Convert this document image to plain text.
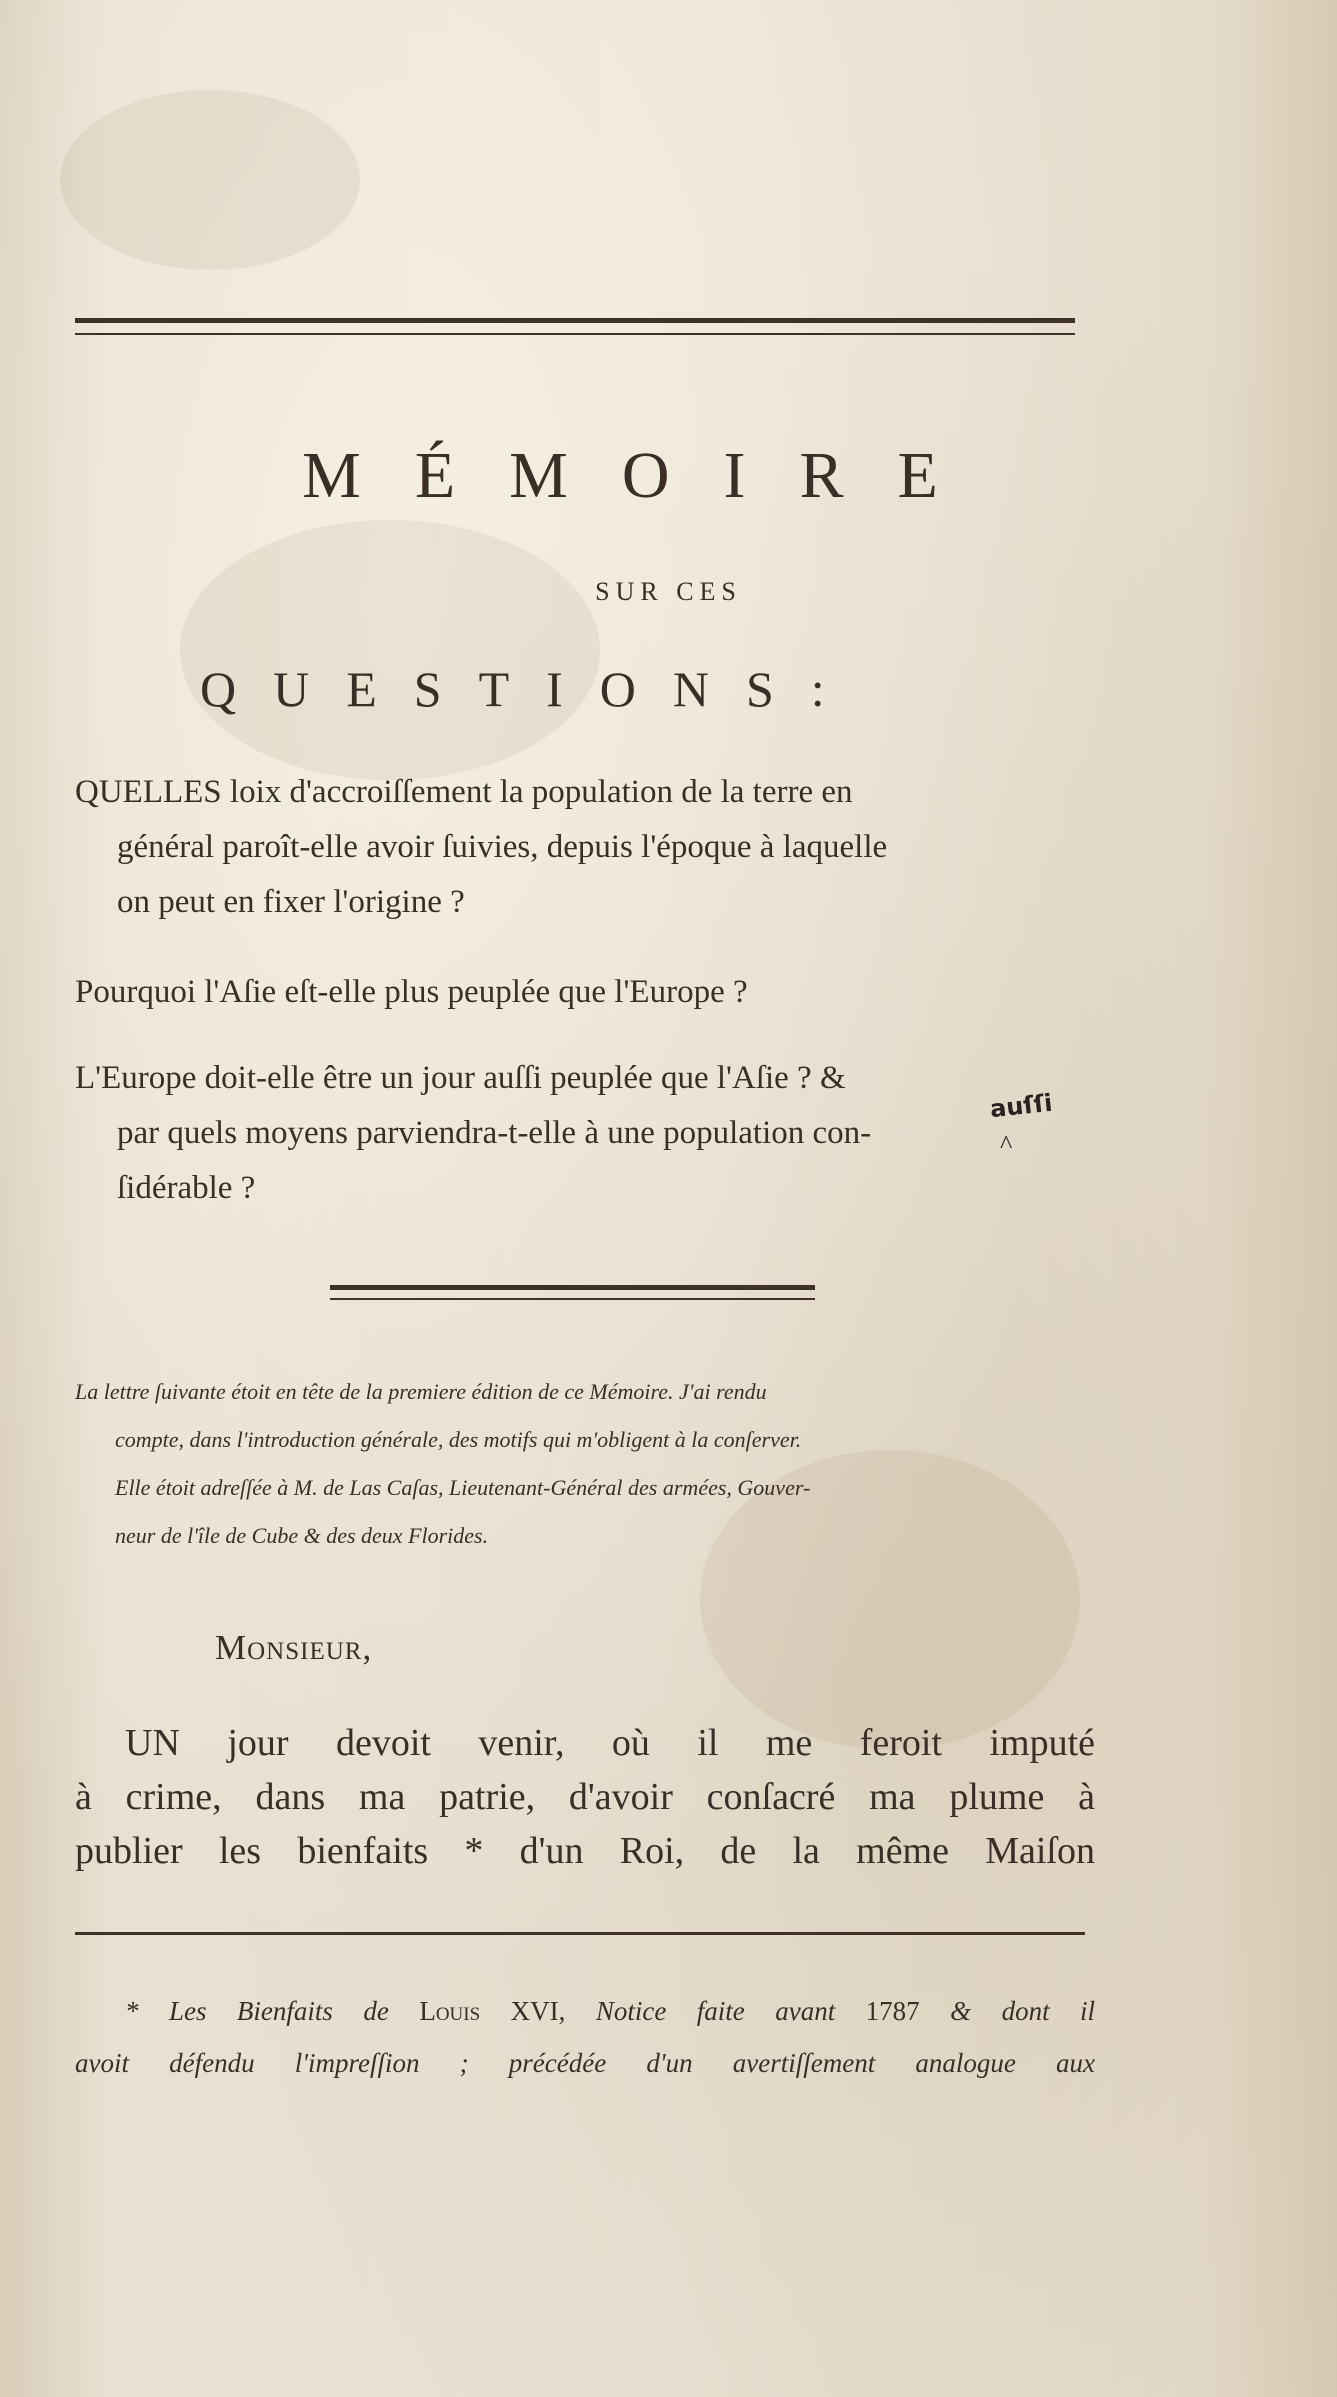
MÉMOIRE
SUR CES
QUESTIONS:
QUELLES loix d'accroiſſement la population de la terre en
général paroît-elle avoir ſuivies, depuis l'époque à laquelle
on peut en fixer l'origine ?
Pourquoi l'Aſie eſt-elle plus peuplée que l'Europe ?
L'Europe doit-elle être un jour auſſi peuplée que l'Aſie ? &
par quels moyens parviendra-t-elle à une population con-
ſidérable ?
auſſi
^
La lettre ſuivante étoit en tête de la premiere édition de ce Mémoire. J'ai rendu
compte, dans l'introduction générale, des motifs qui m'obligent à la conſerver.
Elle étoit adreſſée à M. de Las Caſas, Lieutenant-Général des armées, Gouver-
neur de l'île de Cube & des deux Florides.
Monsieur,
UN jour devoit venir, où il me feroit imputé
à crime, dans ma patrie, d'avoir conſacré ma plume à
publier les bienfaits * d'un Roi, de la même Maiſon
* Les Bienfaits de Louis XVI, Notice faite avant 1787 & dont il
avoit défendu l'impreſſion ; précédée d'un avertiſſement analogue aux
